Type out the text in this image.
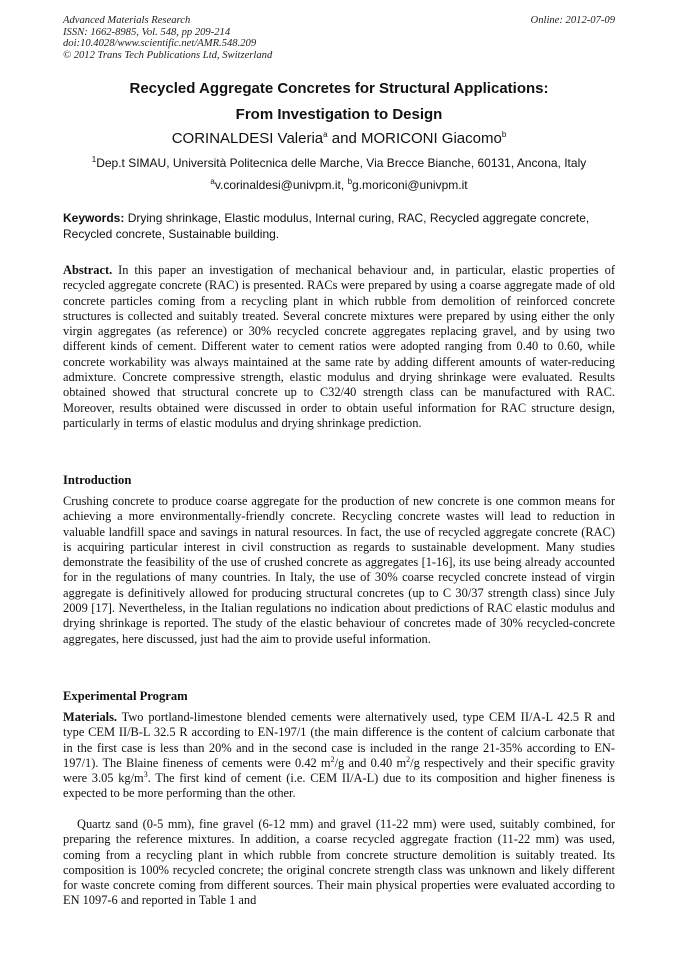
Advanced Materials Research
ISSN: 1662-8985, Vol. 548, pp 209-214
doi:10.4028/www.scientific.net/AMR.548.209
© 2012 Trans Tech Publications Ltd, Switzerland
Online: 2012-07-09
Recycled Aggregate Concretes for Structural Applications:
From Investigation to Design
CORINALDESI Valeria$^a$ and MORICONI Giacomo$^b$
$^1$Dep.t SIMAU, Università Politecnica delle Marche, Via Brecce Bianche, 60131, Ancona, Italy
$^a$v.corinaldesi@univpm.it, $^b$g.moriconi@univpm.it
Keywords: Drying shrinkage, Elastic modulus, Internal curing, RAC, Recycled aggregate concrete, Recycled concrete, Sustainable building.
Abstract. In this paper an investigation of mechanical behaviour and, in particular, elastic properties of recycled aggregate concrete (RAC) is presented. RACs were prepared by using a coarse aggregate made of old concrete particles coming from a recycling plant in which rubble from demolition of reinforced concrete structures is collected and suitably treated. Several concrete mixtures were prepared by using either the only virgin aggregates (as reference) or 30% recycled concrete aggregates replacing gravel, and by using two different kinds of cement. Different water to cement ratios were adopted ranging from 0.40 to 0.60, while concrete workability was always maintained at the same rate by adding different amounts of water-reducing admixture. Concrete compressive strength, elastic modulus and drying shrinkage were evaluated. Results obtained showed that structural concrete up to C32/40 strength class can be manufactured with RAC. Moreover, results obtained were discussed in order to obtain useful information for RAC structure design, particularly in terms of elastic modulus and drying shrinkage prediction.
Introduction
Crushing concrete to produce coarse aggregate for the production of new concrete is one common means for achieving a more environmentally-friendly concrete. Recycling concrete wastes will lead to reduction in valuable landfill space and savings in natural resources. In fact, the use of recycled aggregate concrete (RAC) is acquiring particular interest in civil construction as regards to sustainable development. Many studies demonstrate the feasibility of the use of crushed concrete as aggregates [1-16], its use being already accounted for in the regulations of many countries. In Italy, the use of 30% coarse recycled concrete instead of virgin aggregate is definitively allowed for producing structural concretes (up to C 30/37 strength class) since July 2009 [17]. Nevertheless, in the Italian regulations no indication about predictions of RAC elastic modulus and drying shrinkage is reported. The study of the elastic behaviour of concretes made of 30% recycled-concrete aggregates, here discussed, just had the aim to provide useful information.
Experimental Program
Materials. Two portland-limestone blended cements were alternatively used, type CEM II/A-L 42.5 R and type CEM II/B-L 32.5 R according to EN-197/1 (the main difference is the content of calcium carbonate that in the first case is less than 20% and in the second case is included in the range 21-35% according to EN-197/1). The Blaine fineness of cements were 0.42 $m^2/g$ and 0.40 $m^2/g$ respectively and their specific gravity were 3.05 $kg/m^3$. The first kind of cement (i.e. CEM II/A-L) due to its composition and higher fineness is expected to be more performing than the other.
Quartz sand (0-5 mm), fine gravel (6-12 mm) and gravel (11-22 mm) were used, suitably combined, for preparing the reference mixtures. In addition, a coarse recycled aggregate fraction (11-22 mm) was used, coming from a recycling plant in which rubble from concrete structure demolition is suitably treated. Its composition is 100% recycled concrete; the original concrete strength class was unknown and likely different for waste concrete coming from different sources. Their main physical properties were evaluated according to EN 1097-6 and reported in Table 1 and
